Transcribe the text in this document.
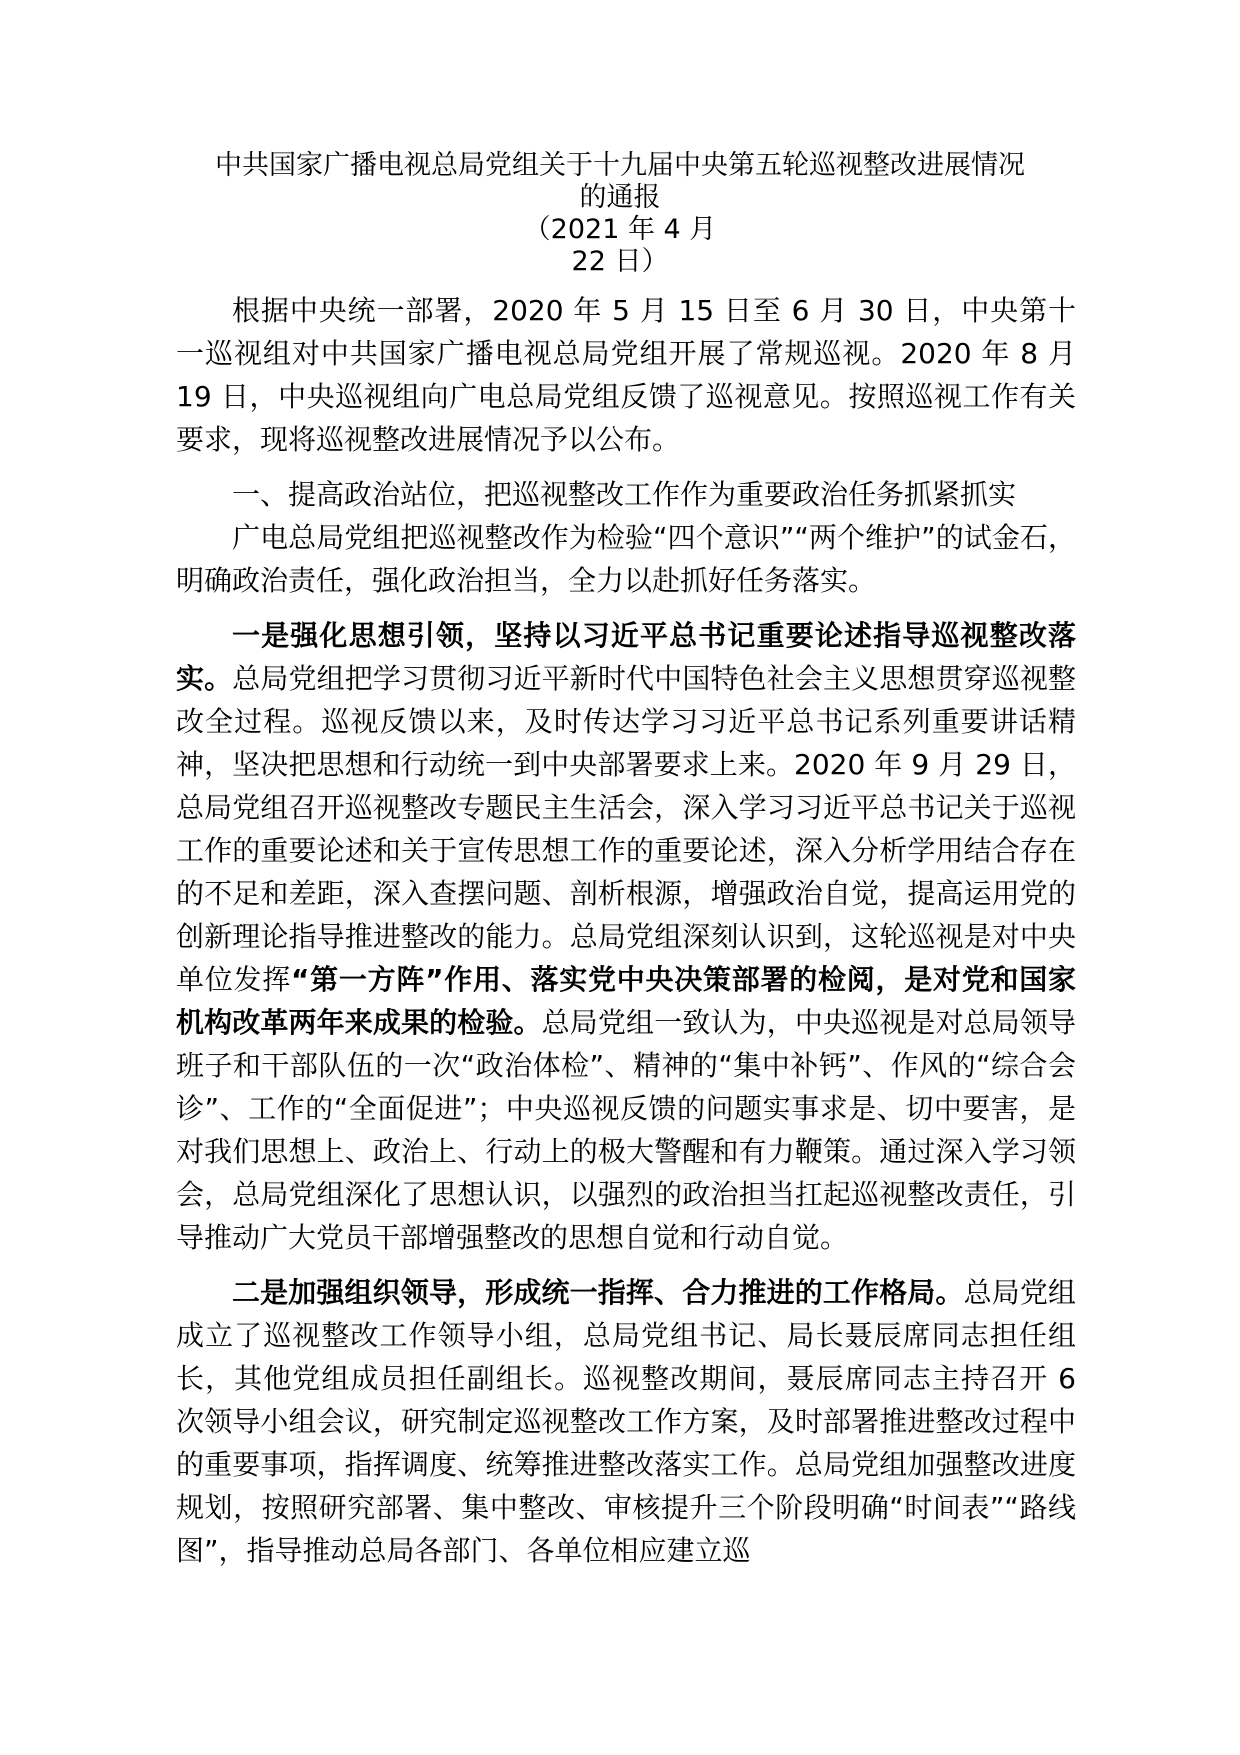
中共国家广播电视总局党组关于十九届中央第五轮巡视整改进展情况
的通报
（2021 年 4 月
22 日）

根据中央统一部署，2020 年 5 月 15 日至 6 月 30 日，中央第十一巡视组对中共国家广播电视总局党组开展了常规巡视。2020 年 8 月 19 日，中央巡视组向广电总局党组反馈了巡视意见。按照巡视工作有关要求，现将巡视整改进展情况予以公布。

一、提高政治站位，把巡视整改工作作为重要政治任务抓紧抓实

广电总局党组把巡视整改作为检验“四个意识”“两个维护”的试金石，明确政治责任，强化政治担当，全力以赴抓好任务落实。

一是强化思想引领，坚持以习近平总书记重要论述指导巡视整改落实。总局党组把学习贯彻习近平新时代中国特色社会主义思想贯穿巡视整改全过程。巡视反馈以来，及时传达学习习近平总书记系列重要讲话精神，坚决把思想和行动统一到中央部署要求上来。2020 年 9 月 29 日，总局党组召开巡视整改专题民主生活会，深入学习习近平总书记关于巡视工作的重要论述和关于宣传思想工作的重要论述，深入分析学用结合存在的不足和差距，深入查摆问题、剖析根源，增强政治自觉，提高运用党的创新理论指导推进整改的能力。总局党组深刻认识到，这轮巡视是对中央单位发挥“第一方阵”作用、落实党中央决策部署的检阅，是对党和国家机构改革两年来成果的检验。总局党组一致认为，中央巡视是对总局领导班子和干部队伍的一次“政治体检”、精神的“集中补钙”、作风的“综合会诊”、工作的“全面促进”；中央巡视反馈的问题实事求是、切中要害，是对我们思想上、政治上、行动上的极大警醒和有力鞭策。通过深入学习领会，总局党组深化了思想认识，以强烈的政治担当扛起巡视整改责任，引导推动广大党员干部增强整改的思想自觉和行动自觉。

二是加强组织领导，形成统一指挥、合力推进的工作格局。总局党组成立了巡视整改工作领导小组，总局党组书记、局长聂辰席同志担任组长，其他党组成员担任副组长。巡视整改期间，聂辰席同志主持召开 6 次领导小组会议，研究制定巡视整改工作方案，及时部署推进整改过程中的重要事项，指挥调度、统筹推进整改落实工作。总局党组加强整改进度规划，按照研究部署、集中整改、审核提升三个阶段明确“时间表”“路线图”，指导推动总局各部门、各单位相应建立巡
